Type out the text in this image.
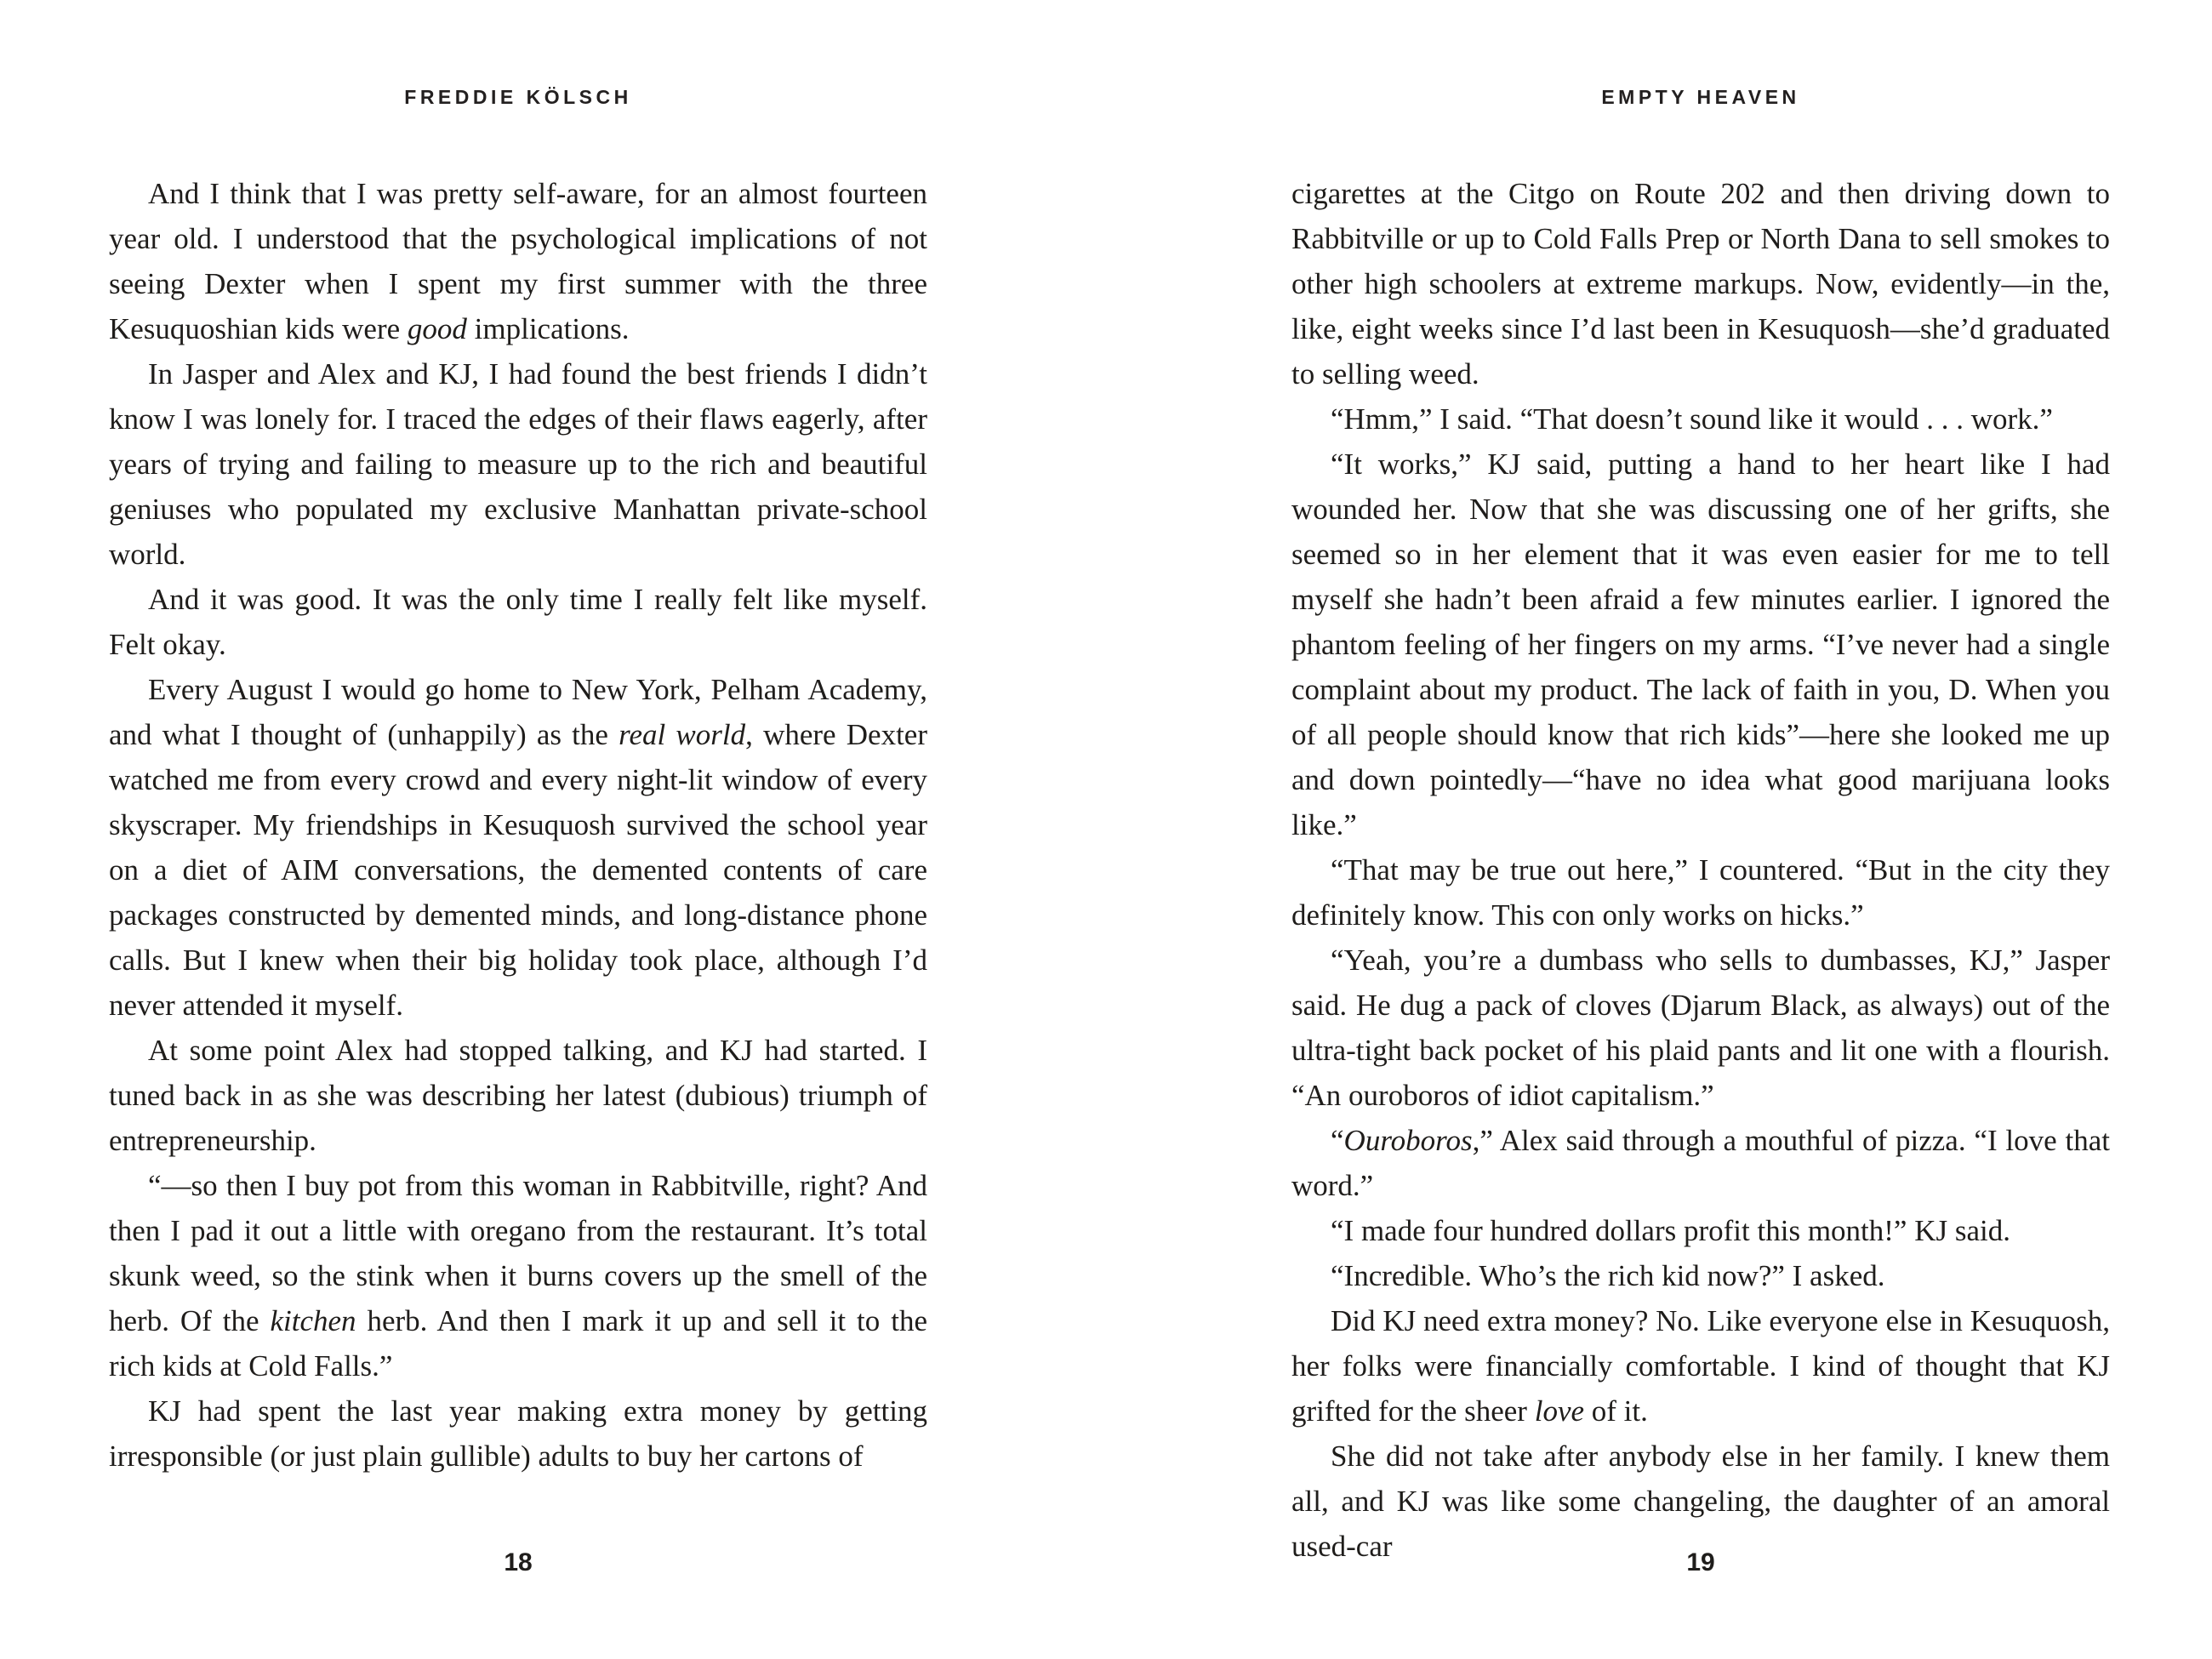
FREDDIE KÖLSCH

And I think that I was pretty self-aware, for an almost fourteen year old. I understood that the psychological implications of not seeing Dexter when I spent my first summer with the three Kesuquoshian kids were good implications.

In Jasper and Alex and KJ, I had found the best friends I didn’t know I was lonely for. I traced the edges of their flaws eagerly, after years of trying and failing to measure up to the rich and beautiful geniuses who populated my exclusive Manhattan private-school world.

And it was good. It was the only time I really felt like myself. Felt okay.

Every August I would go home to New York, Pelham Academy, and what I thought of (unhappily) as the real world, where Dexter watched me from every crowd and every night-lit window of every skyscraper. My friendships in Kesuquosh survived the school year on a diet of AIM conversations, the demented contents of care packages constructed by demented minds, and long-distance phone calls. But I knew when their big holiday took place, although I’d never attended it myself.

At some point Alex had stopped talking, and KJ had started. I tuned back in as she was describing her latest (dubious) triumph of entrepreneurship.

“—so then I buy pot from this woman in Rabbitville, right? And then I pad it out a little with oregano from the restaurant. It’s total skunk weed, so the stink when it burns covers up the smell of the herb. Of the kitchen herb. And then I mark it up and sell it to the rich kids at Cold Falls.”

KJ had spent the last year making extra money by getting irresponsible (or just plain gullible) adults to buy her cartons of

18
EMPTY HEAVEN

cigarettes at the Citgo on Route 202 and then driving down to Rabbitville or up to Cold Falls Prep or North Dana to sell smokes to other high schoolers at extreme markups. Now, evidently—in the, like, eight weeks since I’d last been in Kesuquosh—she’d graduated to selling weed.

“Hmm,” I said. “That doesn’t sound like it would . . . work.”

“It works,” KJ said, putting a hand to her heart like I had wounded her. Now that she was discussing one of her grifts, she seemed so in her element that it was even easier for me to tell myself she hadn’t been afraid a few minutes earlier. I ignored the phantom feeling of her fingers on my arms. “I’ve never had a single complaint about my product. The lack of faith in you, D. When you of all people should know that rich kids”—here she looked me up and down pointedly—“have no idea what good marijuana looks like.”

“That may be true out here,” I countered. “But in the city they definitely know. This con only works on hicks.”

“Yeah, you’re a dumbass who sells to dumbasses, KJ,” Jasper said. He dug a pack of cloves (Djarum Black, as always) out of the ultra-tight back pocket of his plaid pants and lit one with a flourish. “An ouroboros of idiot capitalism.”

“Ouroboros,” Alex said through a mouthful of pizza. “I love that word.”

“I made four hundred dollars profit this month!” KJ said.

“Incredible. Who’s the rich kid now?” I asked.

Did KJ need extra money? No. Like everyone else in Kesuquosh, her folks were financially comfortable. I kind of thought that KJ grifted for the sheer love of it.

She did not take after anybody else in her family. I knew them all, and KJ was like some changeling, the daughter of an amoral used-car	19
